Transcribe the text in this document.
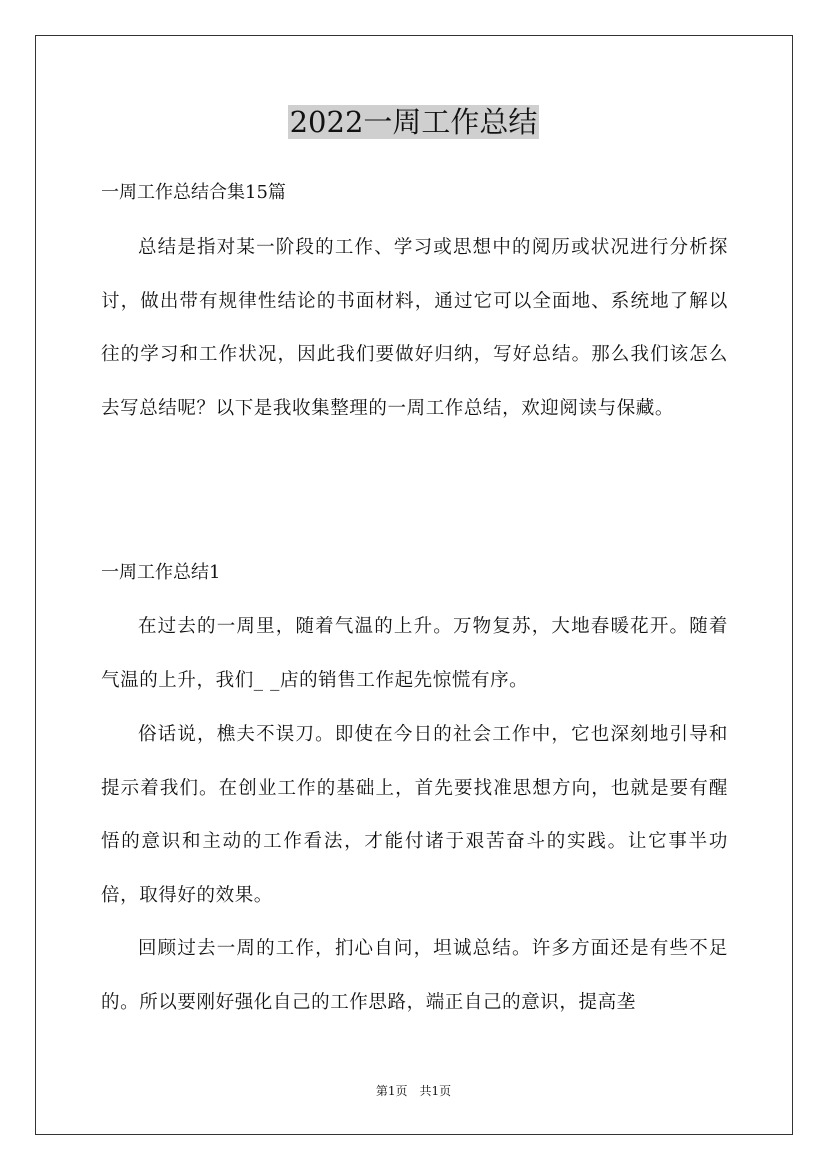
2022一周工作总结
一周工作总结合集15篇

总结是指对某一阶段的工作、学习或思想中的阅历或状况进行分析探讨，做出带有规律性结论的书面材料，通过它可以全面地、系统地了解以往的学习和工作状况，因此我们要做好归纳，写好总结。那么我们该怎么去写总结呢？以下是我收集整理的一周工作总结，欢迎阅读与保藏。

一周工作总结1

在过去的一周里，随着气温的上升。万物复苏，大地春暖花开。随着气温的上升，我们_ _店的销售工作起先惊慌有序。

俗话说，樵夫不误刀。即使在今日的社会工作中，它也深刻地引导和提示着我们。在创业工作的基础上，首先要找准思想方向，也就是要有醒悟的意识和主动的工作看法，才能付诸于艰苦奋斗的实践。让它事半功倍，取得好的效果。

回顾过去一周的工作，扪心自问，坦诚总结。许多方面还是有些不足的。所以要刚好强化自己的工作思路，端正自己的意识，提高垄

第1页　共1页
